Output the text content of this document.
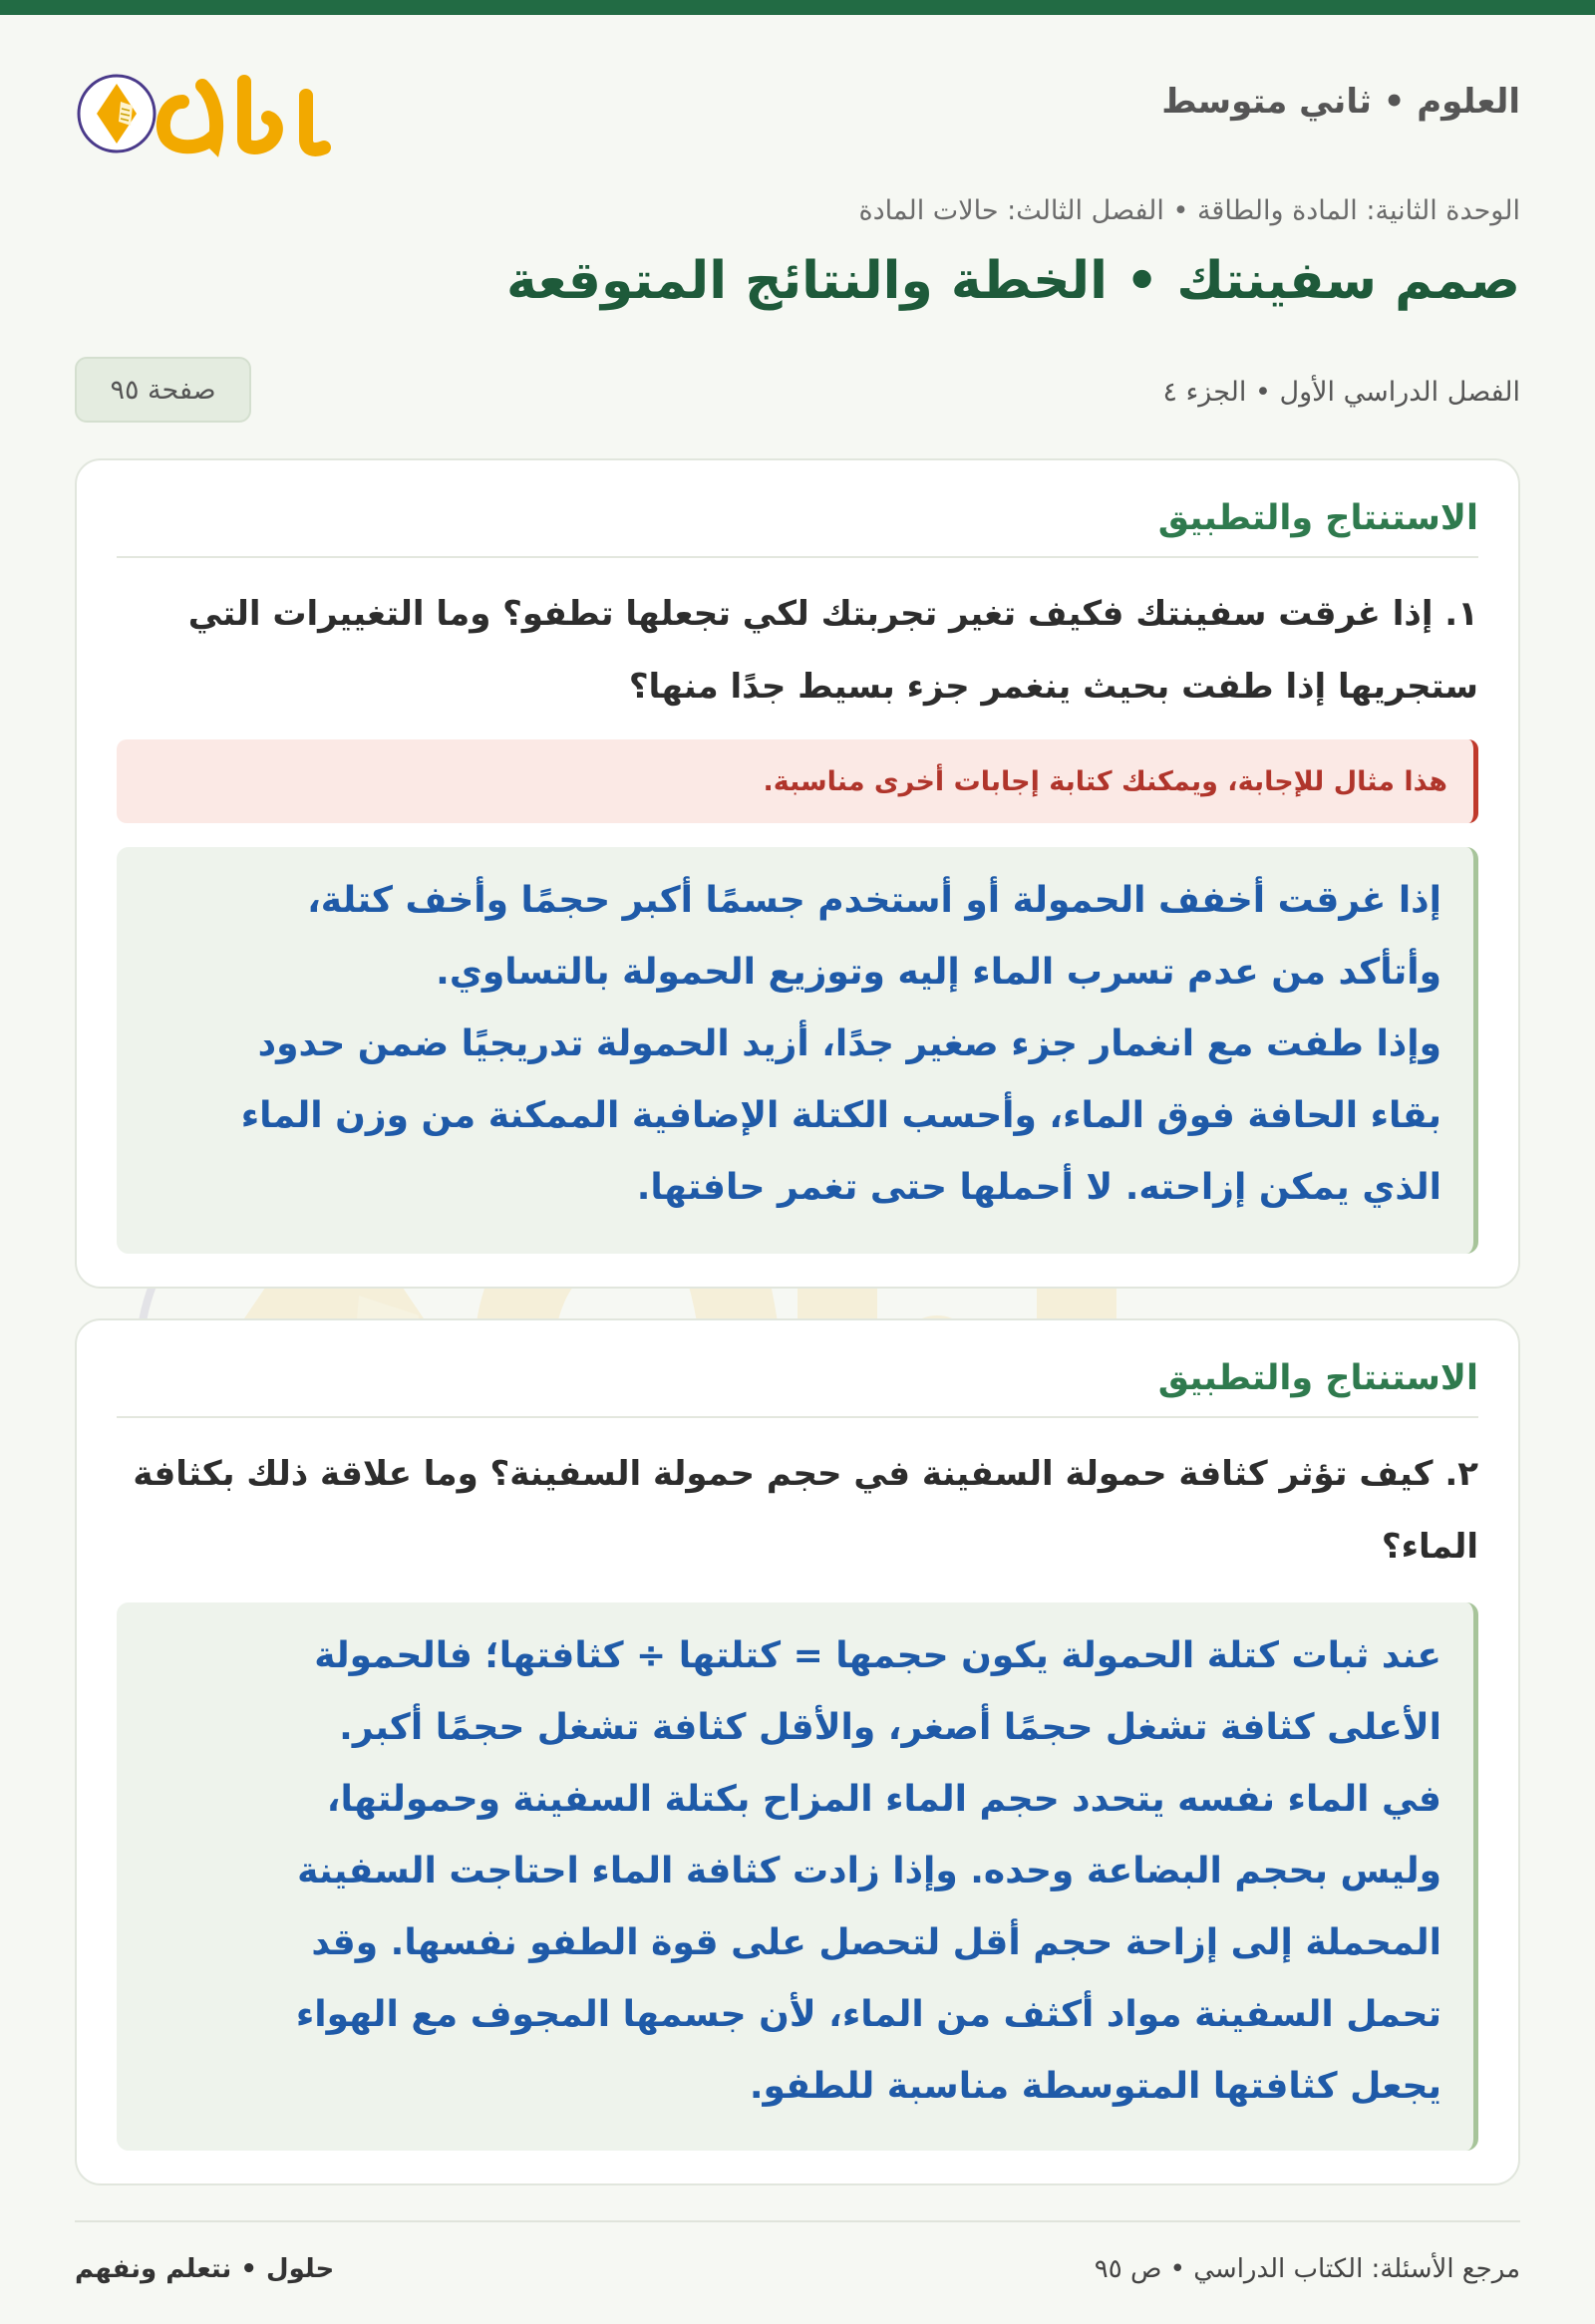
العلوم • ثاني متوسط
الوحدة الثانية: المادة والطاقة • الفصل الثالث: حالات المادة
صمم سفينتك • الخطة والنتائج المتوقعة
الفصل الدراسي الأول • الجزء ٤
صفحة ٩٥
الاستنتاج والتطبيق

١. إذا غرقت سفينتك فكيف تغير تجربتك لكي تجعلها تطفو؟ وما التغييرات التي ستجريها إذا طفت بحيث ينغمر جزء بسيط جدًا منها؟

هذا مثال للإجابة، ويمكنك كتابة إجابات أخرى مناسبة.
إذا غرقت أخفف الحمولة أو أستخدم جسمًا أكبر حجمًا وأخف كتلة،
وأتأكد من عدم تسرب الماء إليه وتوزيع الحمولة بالتساوي.
وإذا طفت مع انغمار جزء صغير جدًا، أزيد الحمولة تدريجيًا ضمن حدود
بقاء الحافة فوق الماء، وأحسب الكتلة الإضافية الممكنة من وزن الماء
الذي يمكن إزاحته. لا أحملها حتى تغمر حافتها.
الاستنتاج والتطبيق

٢. كيف تؤثر كثافة حمولة السفينة في حجم حمولة السفينة؟ وما علاقة ذلك بكثافة الماء؟

عند ثبات كتلة الحمولة يكون حجمها = كتلتها ÷ كثافتها؛ فالحمولة
الأعلى كثافة تشغل حجمًا أصغر، والأقل كثافة تشغل حجمًا أكبر.
في الماء نفسه يتحدد حجم الماء المزاح بكتلة السفينة وحمولتها،
وليس بحجم البضاعة وحده. وإذا زادت كثافة الماء احتاجت السفينة
المحملة إلى إزاحة حجم أقل لتحصل على قوة الطفو نفسها. وقد
تحمل السفينة مواد أكثف من الماء، لأن جسمها المجوف مع الهواء
يجعل كثافتها المتوسطة مناسبة للطفو.
مرجع الأسئلة: الكتاب الدراسي • ص ٩٥
حلول • نتعلم ونفهم
